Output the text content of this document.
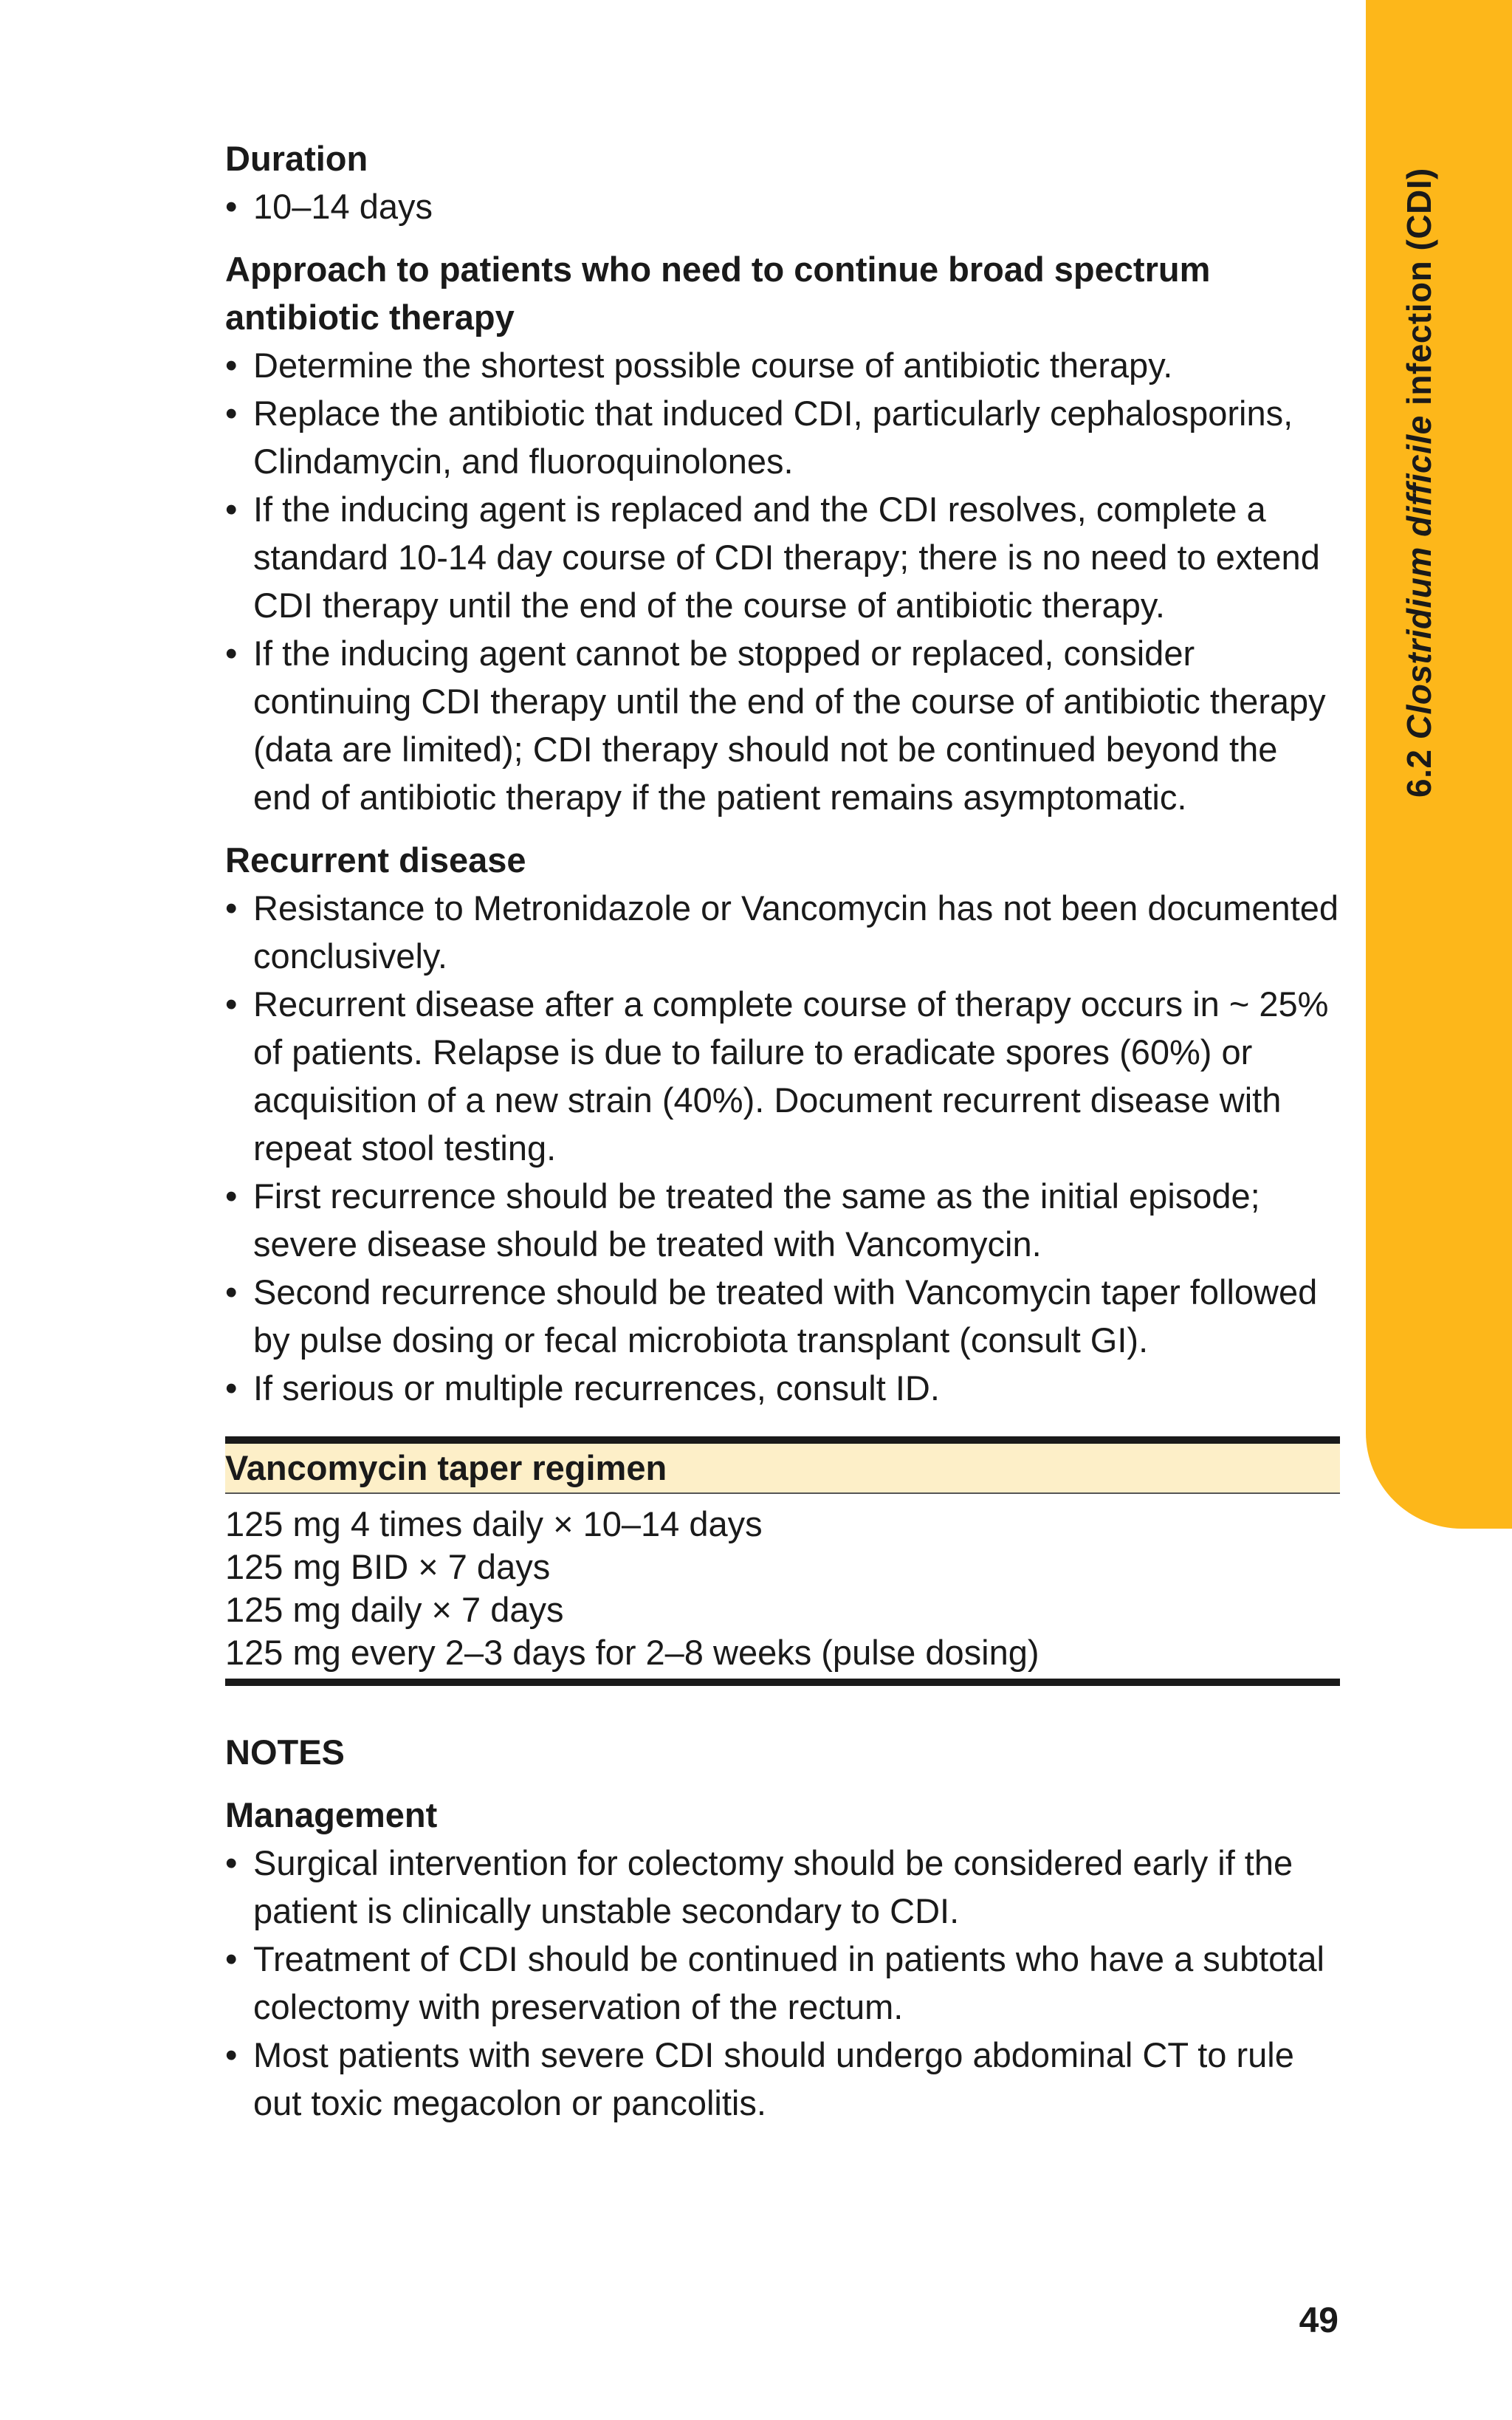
6.2 Clostridium difficile infection (CDI)

Duration

• 10–14 days

Approach to patients who need to continue broad spectrum antibiotic therapy

• Determine the shortest possible course of antibiotic therapy.
• Replace the antibiotic that induced CDI, particularly cephalosporins, Clindamycin, and fluoroquinolones.
• If the inducing agent is replaced and the CDI resolves, complete a standard 10-14 day course of CDI therapy; there is no need to extend CDI therapy until the end of the course of antibiotic therapy.
• If the inducing agent cannot be stopped or replaced, consider continuing CDI therapy until the end of the course of antibiotic therapy (data are limited); CDI therapy should not be continued beyond the end of antibiotic therapy if the patient remains asymptomatic.

Recurrent disease

• Resistance to Metronidazole or Vancomycin has not been documented conclusively.
• Recurrent disease after a complete course of therapy occurs in ~ 25% of patients. Relapse is due to failure to eradicate spores (60%) or acquisition of a new strain (40%). Document recurrent disease with repeat stool testing.
• First recurrence should be treated the same as the initial episode; severe disease should be treated with Vancomycin.
• Second recurrence should be treated with Vancomycin taper followed by pulse dosing or fecal microbiota transplant (consult GI).
• If serious or multiple recurrences, consult ID.
Vancomycin taper regimen
125 mg 4 times daily × 10–14 days
125 mg BID × 7 days
125 mg daily × 7 days
125 mg every 2–3 days for 2–8 weeks (pulse dosing)

NOTES

Management

• Surgical intervention for colectomy should be considered early if the patient is clinically unstable secondary to CDI.
• Treatment of CDI should be continued in patients who have a subtotal colectomy with preservation of the rectum.
• Most patients with severe CDI should undergo abdominal CT to rule out toxic megacolon or pancolitis.
49
